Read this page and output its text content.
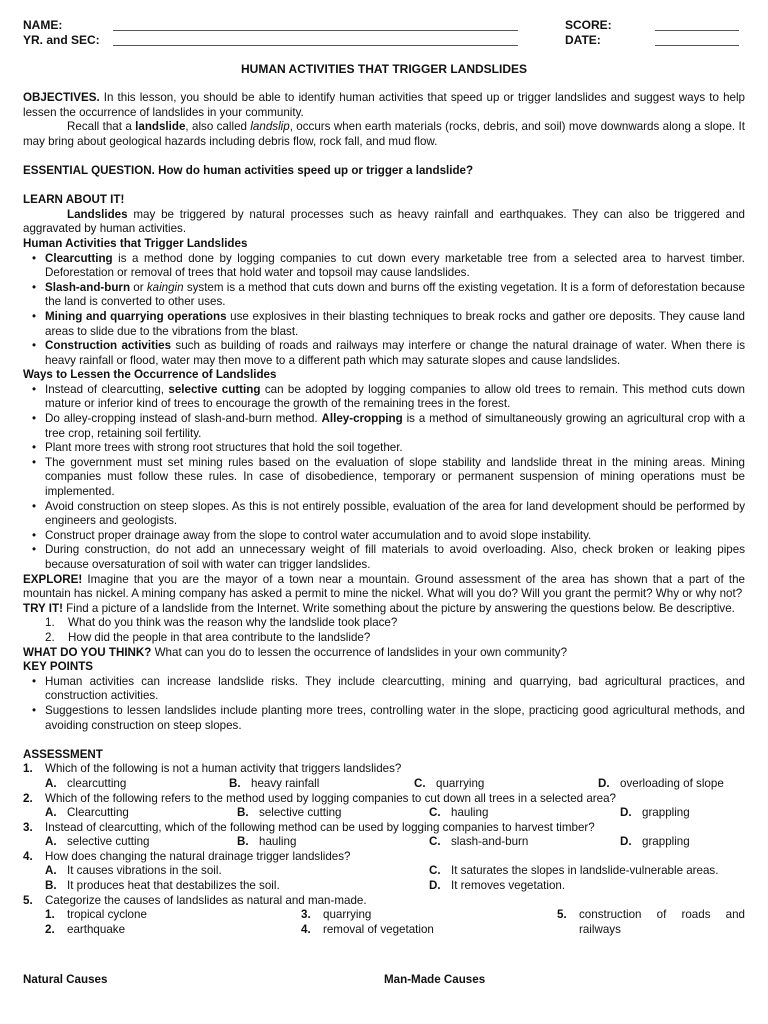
NAME:
YR. and SEC:
SCORE:
DATE:
HUMAN ACTIVITIES THAT TRIGGER LANDSLIDES

OBJECTIVES. In this lesson, you should be able to identify human activities that speed up or trigger landslides and suggest ways to help lessen the occurrence of landslides in your community.

Recall that a landslide, also called landslip, occurs when earth materials (rocks, debris, and soil) move downwards along a slope. It may bring about geological hazards including debris flow, rock fall, and mud flow.

ESSENTIAL QUESTION. How do human activities speed up or trigger a landslide?

LEARN ABOUT IT!

Landslides may be triggered by natural processes such as heavy rainfall and earthquakes. They can also be triggered and aggravated by human activities.

Human Activities that Trigger Landslides

• Clearcutting is a method done by logging companies to cut down every marketable tree from a selected area to harvest timber. Deforestation or removal of trees that hold water and topsoil may cause landslides.
• Slash-and-burn or kaingin system is a method that cuts down and burns off the existing vegetation. It is a form of deforestation because the land is converted to other uses.
• Mining and quarrying operations use explosives in their blasting techniques to break rocks and gather ore deposits. They cause land areas to slide due to the vibrations from the blast.
• Construction activities such as building of roads and railways may interfere or change the natural drainage of water. When there is heavy rainfall or flood, water may then move to a different path which may saturate slopes and cause landslides.

Ways to Lessen the Occurrence of Landslides

• Instead of clearcutting, selective cutting can be adopted by logging companies to allow old trees to remain. This method cuts down mature or inferior kind of trees to encourage the growth of the remaining trees in the forest.
• Do alley-cropping instead of slash-and-burn method. Alley-cropping is a method of simultaneously growing an agricultural crop with a tree crop, retaining soil fertility.
• Plant more trees with strong root structures that hold the soil together.
• The government must set mining rules based on the evaluation of slope stability and landslide threat in the mining areas. Mining companies must follow these rules. In case of disobedience, temporary or permanent suspension of mining operations must be implemented.
• Avoid construction on steep slopes. As this is not entirely possible, evaluation of the area for land development should be performed by engineers and geologists.
• Construct proper drainage away from the slope to control water accumulation and to avoid slope instability.
• During construction, do not add an unnecessary weight of fill materials to avoid overloading. Also, check broken or leaking pipes because oversaturation of soil with water can trigger landslides.

EXPLORE! Imagine that you are the mayor of a town near a mountain. Ground assessment of the area has shown that a part of the mountain has nickel. A mining company has asked a permit to mine the nickel. What will you do? Will you grant the permit? Why or why not?

TRY IT! Find a picture of a landslide from the Internet. Write something about the picture by answering the questions below. Be descriptive.

1. What do you think was the reason why the landslide took place?
2. How did the people in that area contribute to the landslide?

WHAT DO YOU THINK? What can you do to lessen the occurrence of landslides in your own community?

KEY POINTS

• Human activities can increase landslide risks. They include clearcutting, mining and quarrying, bad agricultural practices, and construction activities.
• Suggestions to lessen landslides include planting more trees, controlling water in the slope, practicing good agricultural methods, and avoiding construction on steep slopes.

ASSESSMENT

1. Which of the following is not a human activity that triggers landslides?
A. clearcutting	B. heavy rainfall	C. quarrying	D. overloading of slope
2. Which of the following refers to the method used by logging companies to cut down all trees in a selected area?
A. Clearcutting	B. selective cutting	C. hauling	D. grappling
3. Instead of clearcutting, which of the following method can be used by logging companies to harvest timber?
A. selective cutting	B. hauling	C. slash-and-burn	D. grappling
4. How does changing the natural drainage trigger landslides?
A. It causes vibrations in the soil.
B. It produces heat that destabilizes the soil.
C. It saturates the slopes in landslide-vulnerable areas.
D. It removes vegetation.
5. Categorize the causes of landslides as natural and man-made.
1. tropical cyclone
2. earthquake
3. quarrying
4. removal of vegetation
5. construction of roads and
railways
Natural Causes	Man-Made Causes
